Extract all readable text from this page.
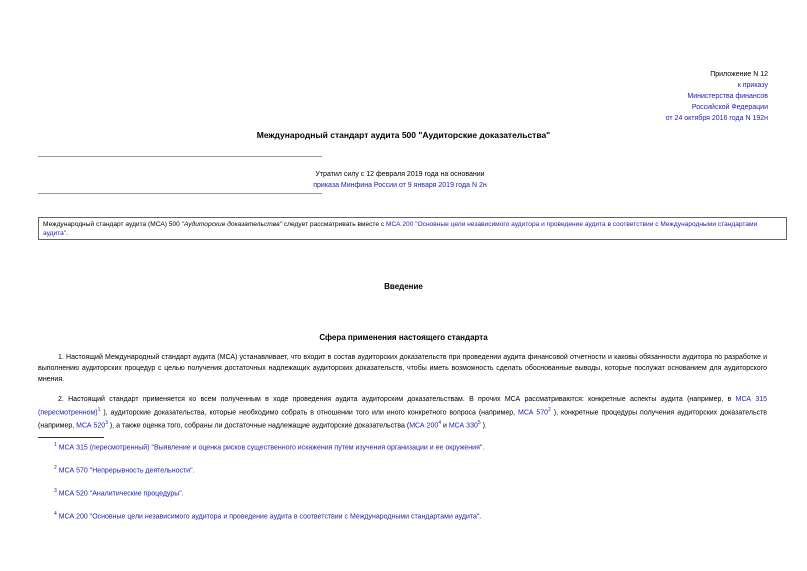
Приложение N 12
к приказу
Министерства финансов
Российской Федерации
от 24 октября 2016 года N 192н
Международный стандарт аудита 500 "Аудиторские доказательства"
Утратил силу с 12 февраля 2019 года на основании
приказа Минфина России от 9 января 2019 года N 2н
Международный стандарт аудита (МСА) 500 "Аудиторские доказательства" следует рассматривать вместе с МСА 200 "Основные цели независимого аудитора и проведение аудита в соответствии с Международными стандартами аудита".
Введение
Сфера применения настоящего стандарта
1. Настоящий Международный стандарт аудита (МСА) устанавливает, что входит в состав аудиторских доказательств при проведении аудита финансовой отчетности и каковы обязанности аудитора по разработке и выполнению аудиторских процедур с целью получения достаточных надлежащих аудиторских доказательств, чтобы иметь возможность сделать обоснованные выводы, которые послужат основанием для аудиторского мнения.
2. Настоящий стандарт применяется ко всем полученным в ходе проведения аудита аудиторским доказательствам. В прочих МСА рассматриваются: конкретные аспекты аудита (например, в МСА 315 (пересмотренном)$^1$ ), аудиторские доказательства, которые необходимо собрать в отношении того или иного конкретного вопроса (например, МСА 570$^2$ ), конкретные процедуры получения аудиторских доказательств (например, МСА 520$^3$ ), а также оценка того, собраны ли достаточные надлежащие аудиторские доказательства (МСА 200$^4$ и МСА 330$^5$ ).
$^1$ МСА 315 (пересмотренный) "Выявление и оценка рисков существенного искажения путем изучения организации и ее окружения".
$^2$ МСА 570 "Непрерывность деятельности".
$^3$ МСА 520 "Аналитические процедуры".
$^4$ МСА 200 "Основные цели независимого аудитора и проведение аудита в соответствии с Международными стандартами аудита".
